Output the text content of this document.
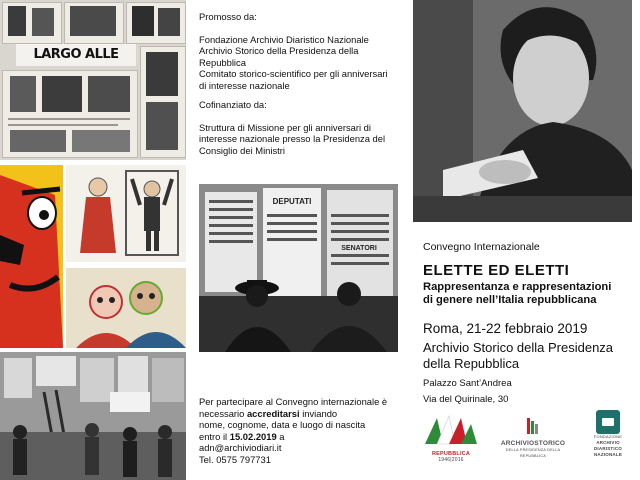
LARGO ALLE
Promosso da:
Fondazione Archivio Diaristico Nazionale
Archivio Storico della Presidenza della
Repubblica
Comitato storico-scientifico per gli anniversari
di interesse nazionale
Cofinanziato da:
Struttura di Missione per gli anniversari di
interesse nazionale presso la Presidenza del
Consiglio dei Ministri
DEPUTATI
SENATORI
Per partecipare al Convegno internazionale è
necessario accreditarsi inviando
nome, cognome, data e luogo di nascita
entro il 15.02.2019 a
adn@archiviodiari.it
Tel. 0575 797731
Convegno Internazionale
ELETTE ED ELETTI
Rappresentanza e rappresentazioni
di genere nell’Italia repubblicana
Roma, 21-22 febbraio 2019
Archivio Storico della Presidenza
della Repubblica
Palazzo Sant’Andrea
Via del Quirinale, 30
REPUBBLICA
1946|2016
ARCHIVIOSTORICO
DELLA PRESIDENZA DELLA REPUBBLICA
FONDAZIONE
ARCHIVIO
DIARISTICO
NAZIONALE
